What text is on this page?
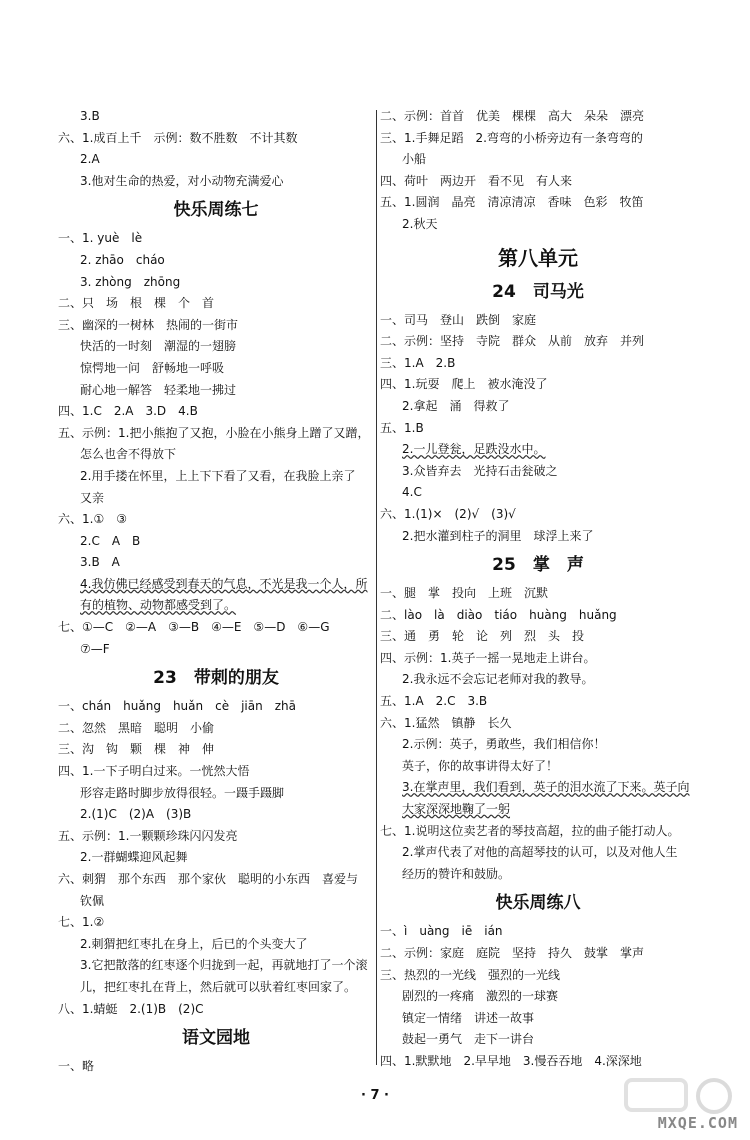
3.B
六、1.成百上千　示例：数不胜数　不计其数
2.A
3.他对生命的热爱，对小动物充满爱心
快乐周练七
一、1. yuè　lè
2. zhāo　cháo
3. zhòng　zhōng
二、只　场　根　棵　个　首
三、幽深的一树林　热闹的一街市
快活的一时刻　潮湿的一翅膀
惊愕地一问　舒畅地一呼吸
耐心地一解答　轻柔地一拂过
四、1.C　2.A　3.D　4.B
五、示例：1.把小熊抱了又抱，小脸在小熊身上蹭了又蹭，
怎么也舍不得放下
2.用手搂在怀里，上上下下看了又看，在我脸上亲了
又亲
六、1.①　③
2.C　A　B
3.B　A
4.我仿佛已经感受到春天的气息，不光是我一个人，所
有的植物、动物都感受到了。
七、①—C　②—A　③—B　④—E　⑤—D　⑥—G
⑦—F
23　带刺的朋友
一、chán　huǎng　huǎn　cè　jiān　zhā
二、忽然　黑暗　聪明　小偷
三、沟　钩　颗　棵　神　伸
四、1.一下子明白过来。一恍然大悟
形容走路时脚步放得很轻。一蹑手蹑脚
2.(1)C　(2)A　(3)B
五、示例：1.一颗颗珍珠闪闪发亮
2.一群蝴蝶迎风起舞
六、刺猬　那个东西　那个家伙　聪明的小东西　喜爱与
钦佩
七、1.②
2.刺猬把红枣扎在身上，后已的个头变大了
3.它把散落的红枣逐个归拢到一起，再就地打了一个滚
儿，把红枣扎在背上，然后就可以驮着红枣回家了。
八、1.蜻蜓　2.(1)B　(2)C
语文园地
一、略
二、示例：首首　优美　棵棵　高大　朵朵　漂亮
三、1.手舞足蹈　2.弯弯的小桥旁边有一条弯弯的
小船
四、荷叶　两边开　看不见　有人来
五、1.圆润　晶亮　清凉清凉　香味　色彩　牧笛
2.秋天
第八单元
24　司马光
一、司马　登山　跌倒　家庭
二、示例：坚持　寺院　群众　从前　放弃　并列
三、1.A　2.B
四、1.玩耍　爬上　被水淹没了
2.拿起　涌　得救了
五、1.B
2.一儿登瓮，足跌没水中。
3.众皆弃去　光持石击瓮破之
4.C
六、1.(1)×　(2)√　(3)√
2.把水灌到柱子的洞里　球浮上来了
25　掌　声
一、腿　掌　投向　上班　沉默
二、lào　là　diào　tiáo　huàng　huǎng
三、通　勇　轮　论　列　烈　头　投
四、示例：1.英子一摇一晃地走上讲台。
2.我永远不会忘记老师对我的教导。
五、1.A　2.C　3.B
六、1.猛然　镇静　长久
2.示例：英子，勇敢些，我们相信你！
英子，你的故事讲得太好了！
3.在掌声里，我们看到，英子的泪水流了下来。英子向
大家深深地鞠了一躬
七、1.说明这位卖艺者的琴技高超，拉的曲子能打动人。
2.掌声代表了对他的高超琴技的认可，以及对他人生
经历的赞许和鼓励。
快乐周练八
一、ì　uàng　iē　ián
二、示例：家庭　庭院　坚持　持久　鼓掌　掌声
三、热烈的一光线　强烈的一光线
剧烈的一疼痛　激烈的一球赛
镇定一情绪　讲述一故事
鼓起一勇气　走下一讲台
四、1.默默地　2.早早地　3.慢吞吞地　4.深深地
· 7 ·
MXQE.COM
